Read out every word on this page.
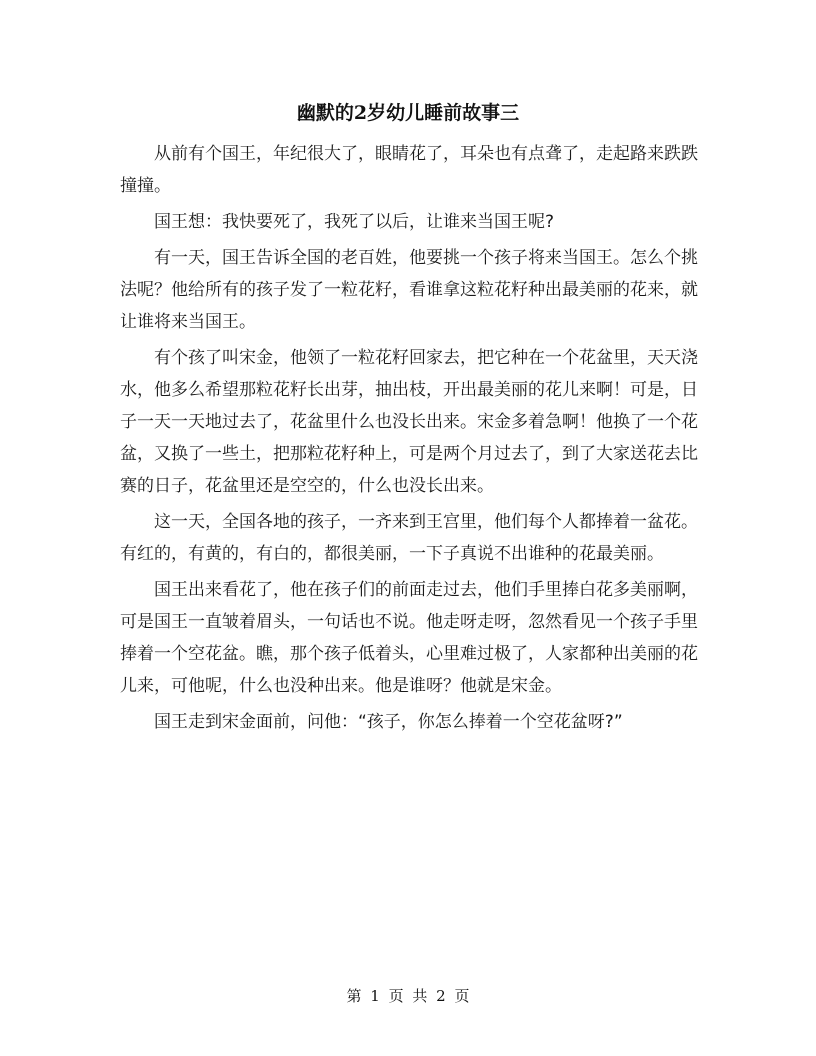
幽默的2岁幼儿睡前故事三

从前有个国王，年纪很大了，眼睛花了，耳朵也有点聋了，走起路来跌跌撞撞。

国王想：我快要死了，我死了以后，让谁来当国王呢?

有一天，国王告诉全国的老百姓，他要挑一个孩子将来当国王。怎么个挑法呢？他给所有的孩子发了一粒花籽，看谁拿这粒花籽种出最美丽的花来，就让谁将来当国王。

有个孩了叫宋金，他领了一粒花籽回家去，把它种在一个花盆里，天天浇水，他多么希望那粒花籽长出芽，抽出枝，开出最美丽的花儿来啊！可是，日子一天一天地过去了，花盆里什么也没长出来。宋金多着急啊！他换了一个花盆，又换了一些土，把那粒花籽种上，可是两个月过去了，到了大家送花去比赛的日子，花盆里还是空空的，什么也没长出来。

这一天，全国各地的孩子，一齐来到王宫里，他们每个人都捧着一盆花。有红的，有黄的，有白的，都很美丽，一下子真说不出谁种的花最美丽。

国王出来看花了，他在孩子们的前面走过去，他们手里捧白花多美丽啊，可是国王一直皱着眉头，一句话也不说。他走呀走呀，忽然看见一个孩子手里捧着一个空花盆。瞧，那个孩子低着头，心里难过极了，人家都种出美丽的花儿来，可他呢，什么也没种出来。他是谁呀？他就是宋金。

国王走到宋金面前，问他：“孩子，你怎么捧着一个空花盆呀?”

第 1 页 共 2 页
